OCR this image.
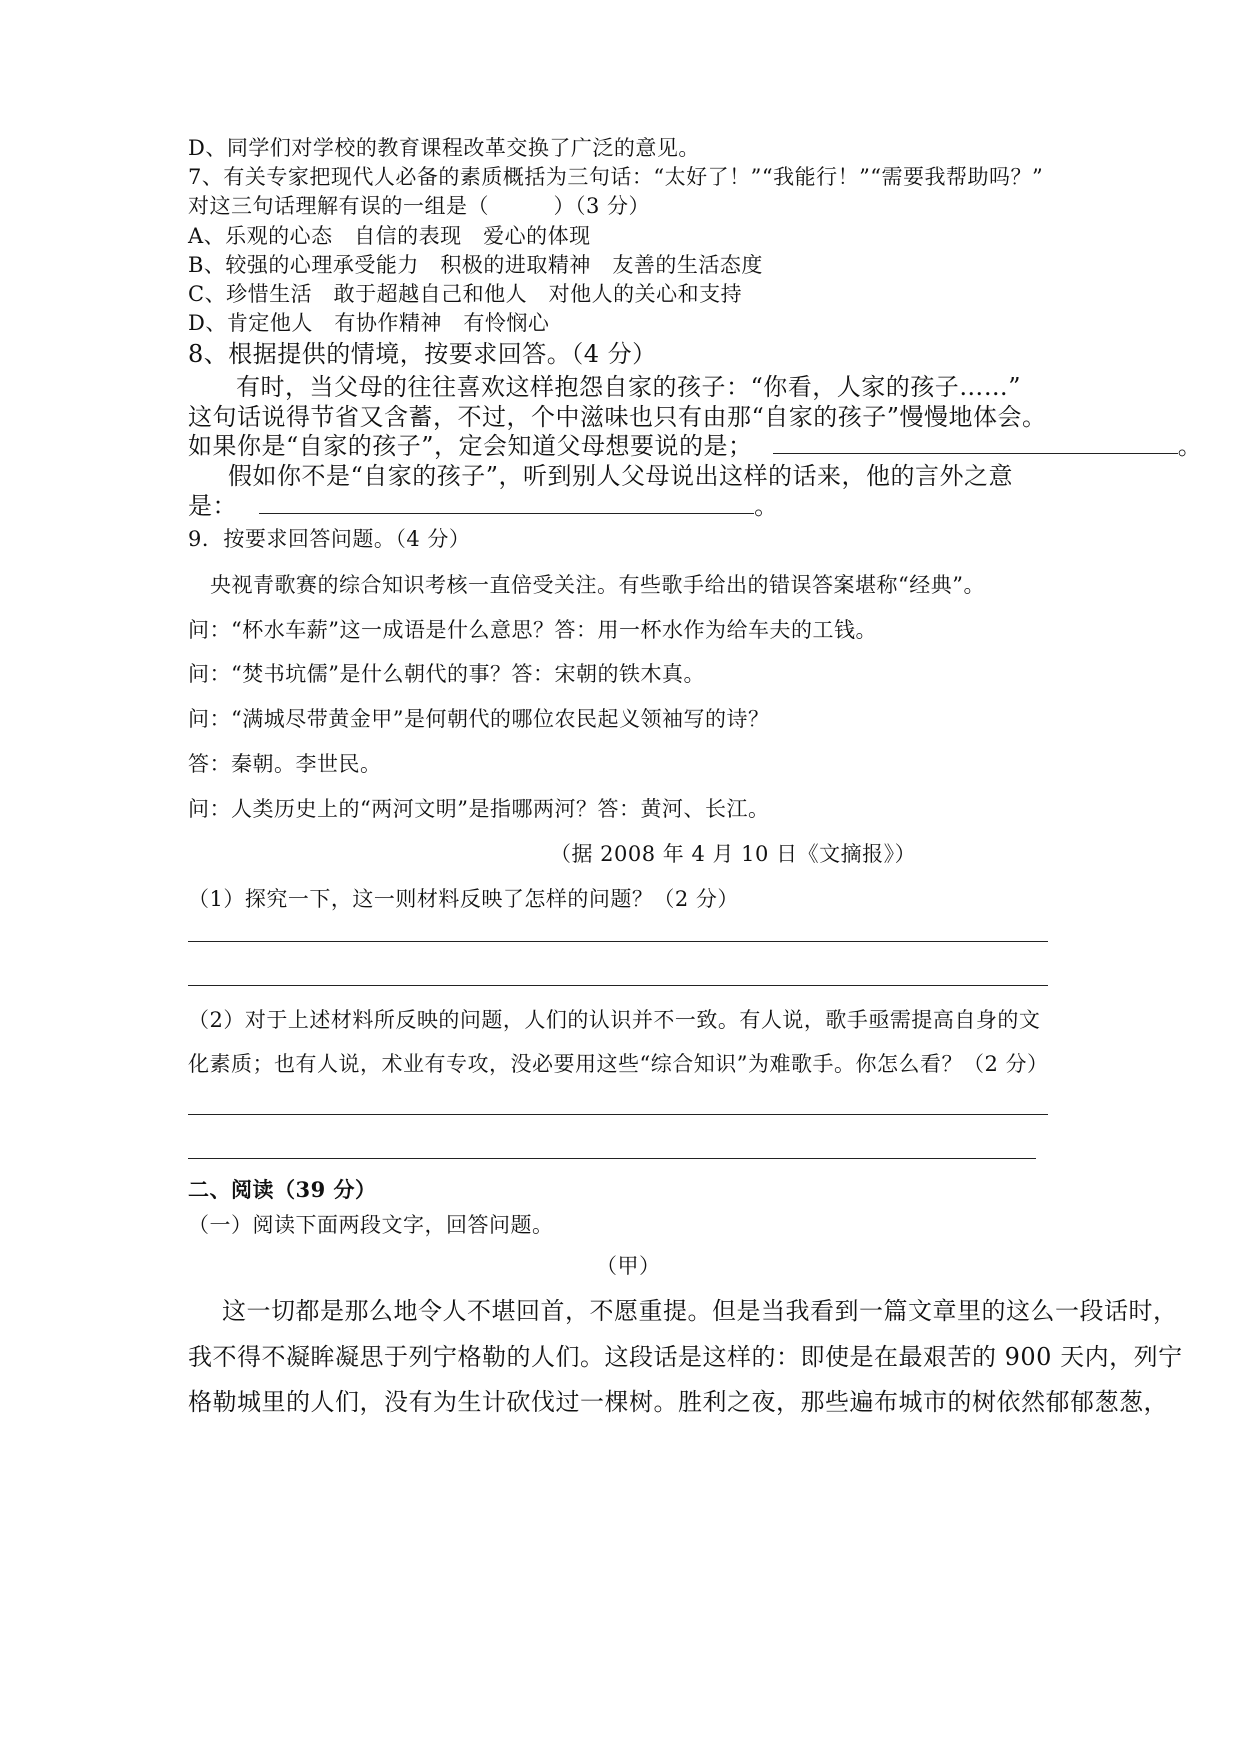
D、同学们对学校的教育课程改革交换了广泛的意见。
7、有关专家把现代人必备的素质概括为三句话：“太好了！”“我能行！”“需要我帮助吗？”
对这三句话理解有误的一组是（　　　）（3 分）
A、乐观的心态　自信的表现　爱心的体现
B、较强的心理承受能力　积极的进取精神　友善的生活态度
C、珍惜生活　敢于超越自己和他人　对他人的关心和支持
D、肯定他人　有协作精神　有怜悯心
8、根据提供的情境，按要求回答。（4 分）
有时，当父母的往往喜欢这样抱怨自家的孩子：“你看，人家的孩子……”
这句话说得节省又含蓄，不过，个中滋味也只有由那“自家的孩子”慢慢地体会。
如果你是“自家的孩子”，定会知道父母想要说的是；	。
假如你不是“自家的孩子”，听到别人父母说出这样的话来，他的言外之意
是：	。
9．按要求回答问题。（4 分）
央视青歌赛的综合知识考核一直倍受关注。有些歌手给出的错误答案堪称“经典”。
问：“杯水车薪”这一成语是什么意思？答：用一杯水作为给车夫的工钱。
问：“焚书坑儒”是什么朝代的事？答：宋朝的铁木真。
问：“满城尽带黄金甲”是何朝代的哪位农民起义领袖写的诗？
答：秦朝。李世民。
问：人类历史上的“两河文明”是指哪两河？答：黄河、长江。
（据 2008 年 4 月 10 日《文摘报》）
（1）探究一下，这一则材料反映了怎样的问题？（2 分）
（2）对于上述材料所反映的问题，人们的认识并不一致。有人说，歌手亟需提高自身的文
化素质；也有人说，术业有专攻，没必要用这些“综合知识”为难歌手。你怎么看？（2 分）
二、阅读（39 分）
（一）阅读下面两段文字，回答问题。
（甲）
这一切都是那么地令人不堪回首，不愿重提。但是当我看到一篇文章里的这么一段话时，
我不得不凝眸凝思于列宁格勒的人们。这段话是这样的：即使是在最艰苦的 900 天内，列宁
格勒城里的人们，没有为生计砍伐过一棵树。胜利之夜，那些遍布城市的树依然郁郁葱葱，
